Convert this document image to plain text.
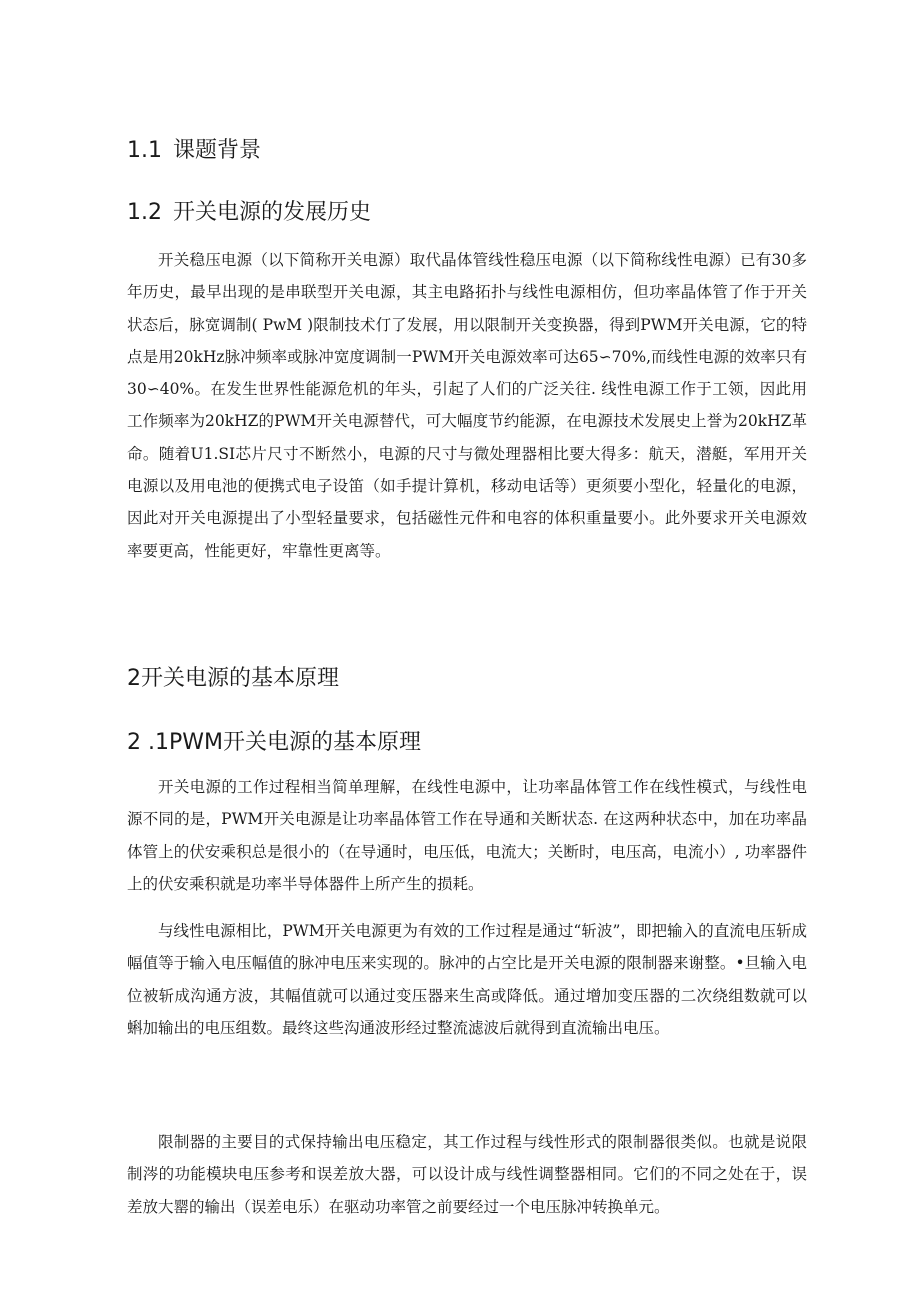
1.1 课题背景
1.2 开关电源的发展历史

开关稳压电源（以下简称开关电源）取代晶体管线性稳压电源（以下简称线性电源）已有30多年历史，最早出现的是串联型开关电源，其主电路拓扑与线性电源相仿，但功率晶体管了作于开关状态后，脉宽调制( PwM )限制技术仃了发展，用以限制开关变换器，得到PWM开关电源，它的特点是用20kHz脉冲频率或脉冲宽度调制一PWM开关电源效率可达65∽70%,而线性电源的效率只有30∽40%。在发生世界性能源危机的年头，引起了人们的广泛关往. 线性电源工作于工领，因此用工作频率为20kHZ的PWM开关电源替代，可大幅度节约能源，在电源技术发展史上誉为20kHZ革命。随着U1.SI芯片尺寸不断然小，电源的尺寸与微处理器相比要大得多：航天，潜艇，军用开关电源以及用电池的便携式电子设笛（如手提计算机，移动电话等）更须要小型化，轻量化的电源，因此对开关电源提出了小型轻量要求，包括磁性元件和电容的体积重量要小。此外要求开关电源效率要更高，性能更好，牢靠性更离等。

2开关电源的基本原理
2 .1PWM开关电源的基本原理

开关电源的工作过程相当简单理解，在线性电源中，让功率晶体管工作在线性模式，与线性电源不同的是，PWM开关电源是让功率晶体管工作在导通和关断状态. 在这两种状态中，加在功率晶体管上的伏安乘积总是很小的（在导通时，电压低，电流大；关断时，电压高，电流小）, 功率器件上的伏安乘积就是功率半导体器件上所产生的损耗。

与线性电源相比，PWM开关电源更为有效的工作过程是通过“斩波”，即把输入的直流电压斩成幅值等于输入电压幅值的脉冲电压来实现的。脉冲的占空比是开关电源的限制器来谢整。•旦输入电位被斩成沟通方波，其幅值就可以通过变压器来生高或降低。通过增加变压器的二次绕组数就可以蝌加输出的电压组数。最终这些沟通波形经过整流滤波后就得到直流输出电压。

限制器的主要目的式保持输出电压稳定，其工作过程与线性形式的限制器很类似。也就是说限制涔的功能模块电压参考和误差放大器，可以设计成与线性调整器相同。它们的不同之处在于，误差放大罂的输出（误差电乐）在驱动功率管之前要经过一个电压脉冲转换单元。
